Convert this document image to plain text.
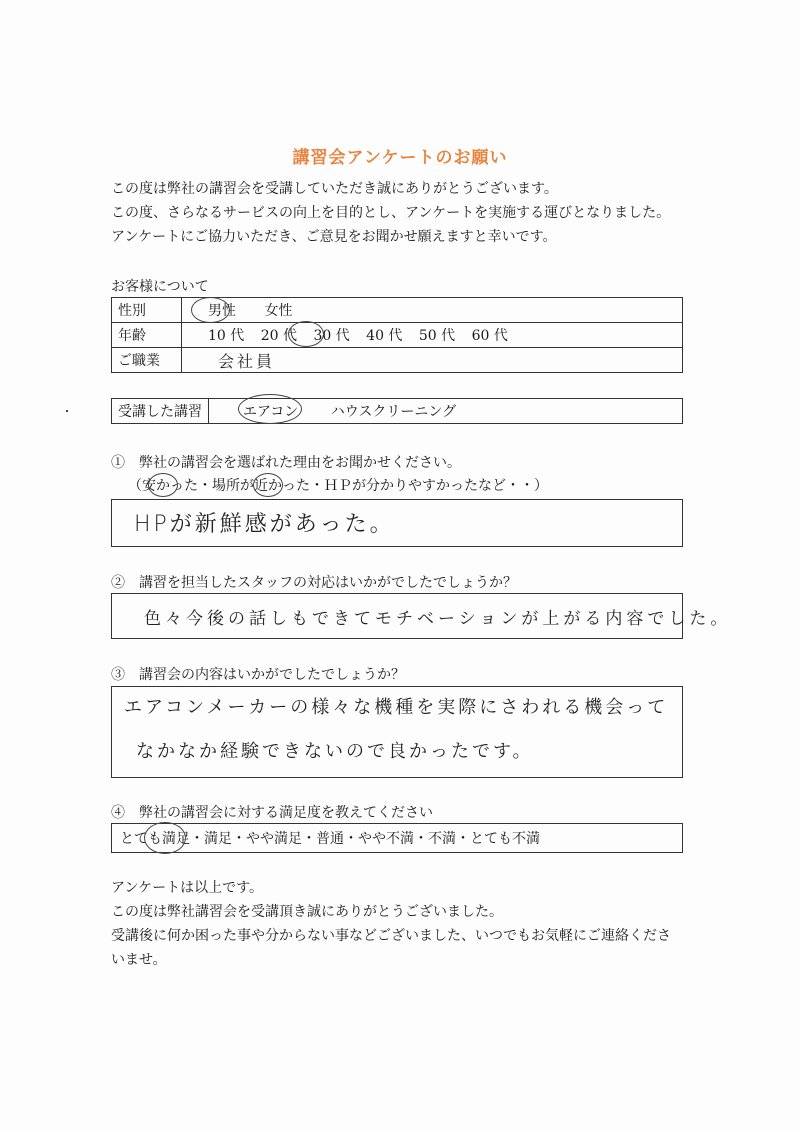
講習会アンケートのお願い
この度は弊社の講習会を受講していただき誠にありがとうございます。
この度、さらなるサービスの向上を目的とし、アンケートを実施する運びとなりました。
アンケートにご協力いただき、ご意見をお聞かせ願えますと幸いです。
お客様について
性別	男性 女性
年齢	10 代 20 代 30 代 40 代 50 代 60 代
ご職業	会社員
受講した講習	エアコン ハウスクリーニング
①　弊社の講習会を選ばれた理由をお聞かせください。
（安かった・場所が近かった・ＨＰが分かりやすかったなど・・）
HPが新鮮感があった。
②　講習を担当したスタッフの対応はいかがでしたでしょうか？
色々今後の話しもできてモチベーションが上がる内容でした。
③　講習会の内容はいかがでしたでしょうか？
エアコンメーカーの様々な機種を実際にさわれる機会って
なかなか経験できないので良かったです。
④　弊社の講習会に対する満足度を教えてください
とても満足・満足・やや満足・普通・やや不満・不満・とても不満
アンケートは以上です。
この度は弊社講習会を受講頂き誠にありがとうございました。
受講後に何か困った事や分からない事などございました、いつでもお気軽にご連絡くださ
いませ。
